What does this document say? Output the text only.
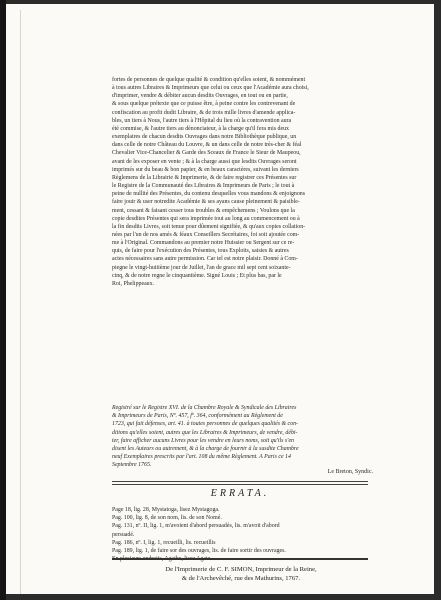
fortes de personnes de quelque qualité & condition qu'elles soient, & nommément
à tous autres Libraires & Imprimeurs que celui ou ceux que l'Académie aura choisi,
d'imprimer, vendre & débiter aucun desdits Ouvrages, en tout ou en partie,
& sous quelque prétexte que ce puisse être, à peine contre les contrevenant de
confiscation au profit dudit Libraire, & de trois mille livres d'amende applica-
bles, un tiers à Nous, l'autre tiers à l'Hôpital du lieu où la contravention aura
été commise, & l'autre tiers au dénonciateur, à la charge qu'il fera mis deux
exemplaires de chacun desdits Ouvrages dans notre Bibliothèque publique, un
dans celle de notre Château du Louvre, & un dans celle de notre très-cher & féal
Chevalier Vice-Chancelier & Garde des Sceaux de France le Sieur de Maupeou,
avant de les exposer en vente ; & à la charge aussi que lesdits Ouvrages seront
imprimés sur du beau & bon papier, & en beaux caractères, suivant les derniers
Règlemens de la Librairie & Imprimerie, & de faire registrer ces Présentes sur
le Registre de la Communauté des Libraires & Imprimeurs de Paris ; le tout à
peine de nullité des Présentes, du contenu desquelles vous mandons & enjoignons
faire jouir & user notredite Académie & ses ayans cause pleinement & paisible-
ment, cessant & faisant cesser tous troubles & empêchemens ; Voulons que la
copie desdites Présentes qui sera imprimée tout au long au commencement ou à
la fin desdits Livres, soit tenue pour dûement signifiée, & qu'aux copies collation-
nées par l'un de nos amés & féaux Conseillers Secrétaires, foi soit ajoutée com-
me à l'Original. Commandons au premier notre Huissier ou Sergent sur ce re-
quis, de faire pour l'exécution des Présentes, tous Exploits, saisies & autres
actes nécessaires sans autre permission. Car tel est notre plaisir. Donné à Com-
piegne le vingt-huitième jour de Juillet, l'an de grace mil sept cent soixante-
cinq, & de notre regne le cinquantième. Signé Louis ; Et plus bas, par le
Roi, Phelippeaux.
Registré sur le Registre XVI. de la Chambre Royale & Syndicale des Libraires
& Imprimeurs de Paris, Nº. 457, fº. 364, conformément au Règlement de
1723, qui fait défenses, art. 41. à toutes personnes de quelques qualités & con-
ditions qu'elles soient, autres que les Libraires & Imprimeurs, de vendre, débi-
ter, faire afficher aucuns Livres pour les vendre en leurs noms, soit qu'ils s'en
disent les Auteurs ou autrement, & à la charge de fournir à la susdite Chambre
neuf Exemplaires prescrits par l'art. 108 du même Règlement. A Paris ce 14
Septembre 1765.
Le Breton, Syndic.
ERRATA.
Page 18, lig. 28, Mystatoga, lisez Mystagoga.
Pag. 100, lig. 8, de son nom, lis. de son Nomé.
Pag. 131, nº. II, lig. 1, m'avoient d'abord persuadés, lis. m'avoit d'abord
persuadé.
Pag. 186, nº. I, lig. 1, recueilli, lis. recueillis
Pag. 189, lig. 1, de faire sor des ouvrages, lis. de faire sortir des ouvrages.
De l'Imprimerie de C. F. SIMON, Imprimeur de la Reine,
& de l'Archevêché, rue des Mathurins, 1767.
